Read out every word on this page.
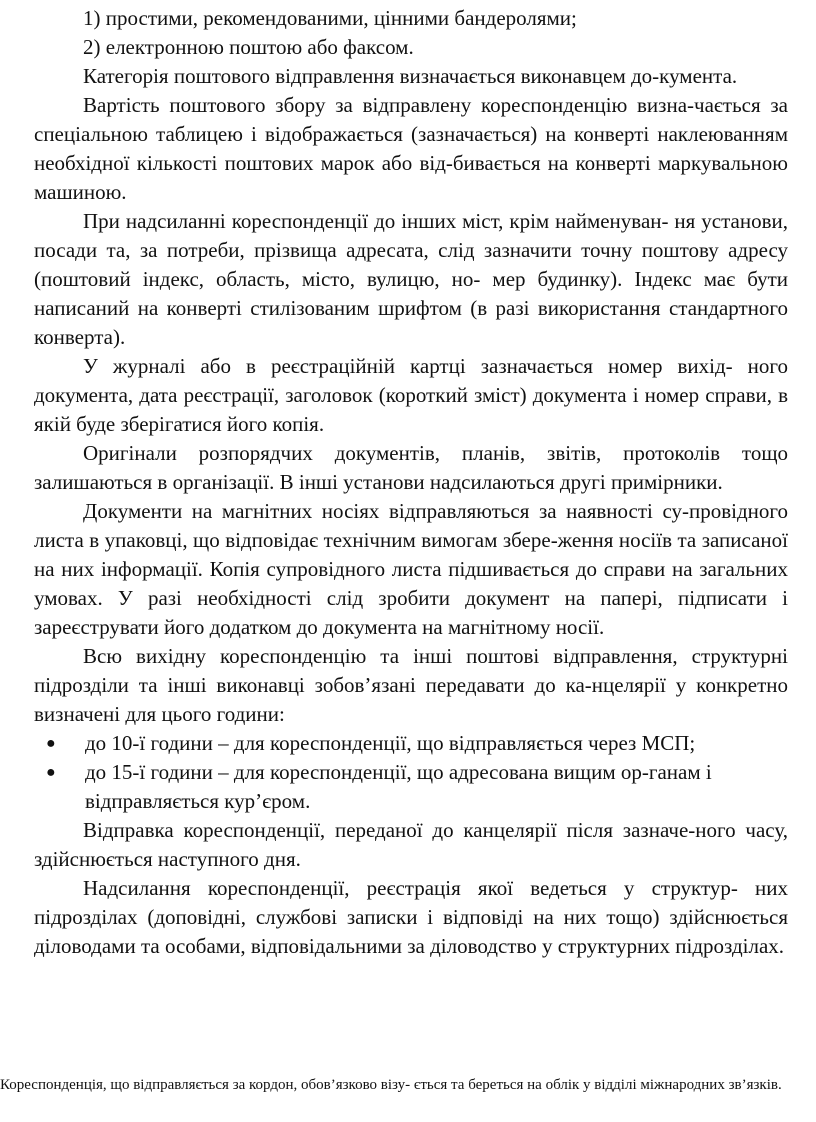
1) простими, рекомендованими, цінними бандеролями;

2) електронною поштою або факсом.

Категорія поштового відправлення визначається виконавцем до-кумента.

Вартість поштового збору за відправлену кореспонденцію визна-чається за спеціальною таблицею і відображається (зазначається) на конверті наклеюванням необхідної кількості поштових марок або від-бивається на конверті маркувальною машиною.

При надсиланні кореспонденції до інших міст, крім найменуван- ня установи, посади та, за потреби, прізвища адресата, слід зазначити точну поштову адресу (поштовий індекс, область, місто, вулицю, но- мер будинку). Індекс має бути написаний на конверті стилізованим шрифтом (в разі використання стандартного конверта).

У журналі або в реєстраційній картці зазначається номер вихід- ного документа, дата реєстрації, заголовок (короткий зміст) документа і номер справи, в якій буде зберігатися його копія.

Оригінали розпорядчих документів, планів, звітів, протоколів тощо залишаються в організації. В інші установи надсилаються другі примірники.

Документи на магнітних носіях відправляються за наявності су-провідного листа в упаковці, що відповідає технічним вимогам збере-ження носіїв та записаної на них інформації. Копія супровідного листа підшивається до справи на загальних умовах. У разі необхідності слід зробити документ на папері, підписати і зареєструвати його додатком до документа на магнітному носії.

Всю вихідну кореспонденцію та інші поштові відправлення, структурні підрозділи та інші виконавці зобов’язані передавати до ка-нцелярії у конкретно визначені для цього години:

● до 10-ї години – для кореспонденції, що відправляється через МСП;
● до 15-ї години – для кореспонденції, що адресована вищим ор-ганам і відправляється кур’єром.

Відправка кореспонденції, переданої до канцелярії після зазначе-ного часу, здійснюється наступного дня.

Надсилання кореспонденції, реєстрація якої ведеться у структур- них підрозділах (доповідні, службові записки і відповіді на них тощо) здійснюється діловодами та особами, відповідальними за діловодство у структурних підрозділах.

Кореспонденція, що відправляється за кордон, обов’язково візу- ється та береться на облік у відділі міжнародних зв’язків.
